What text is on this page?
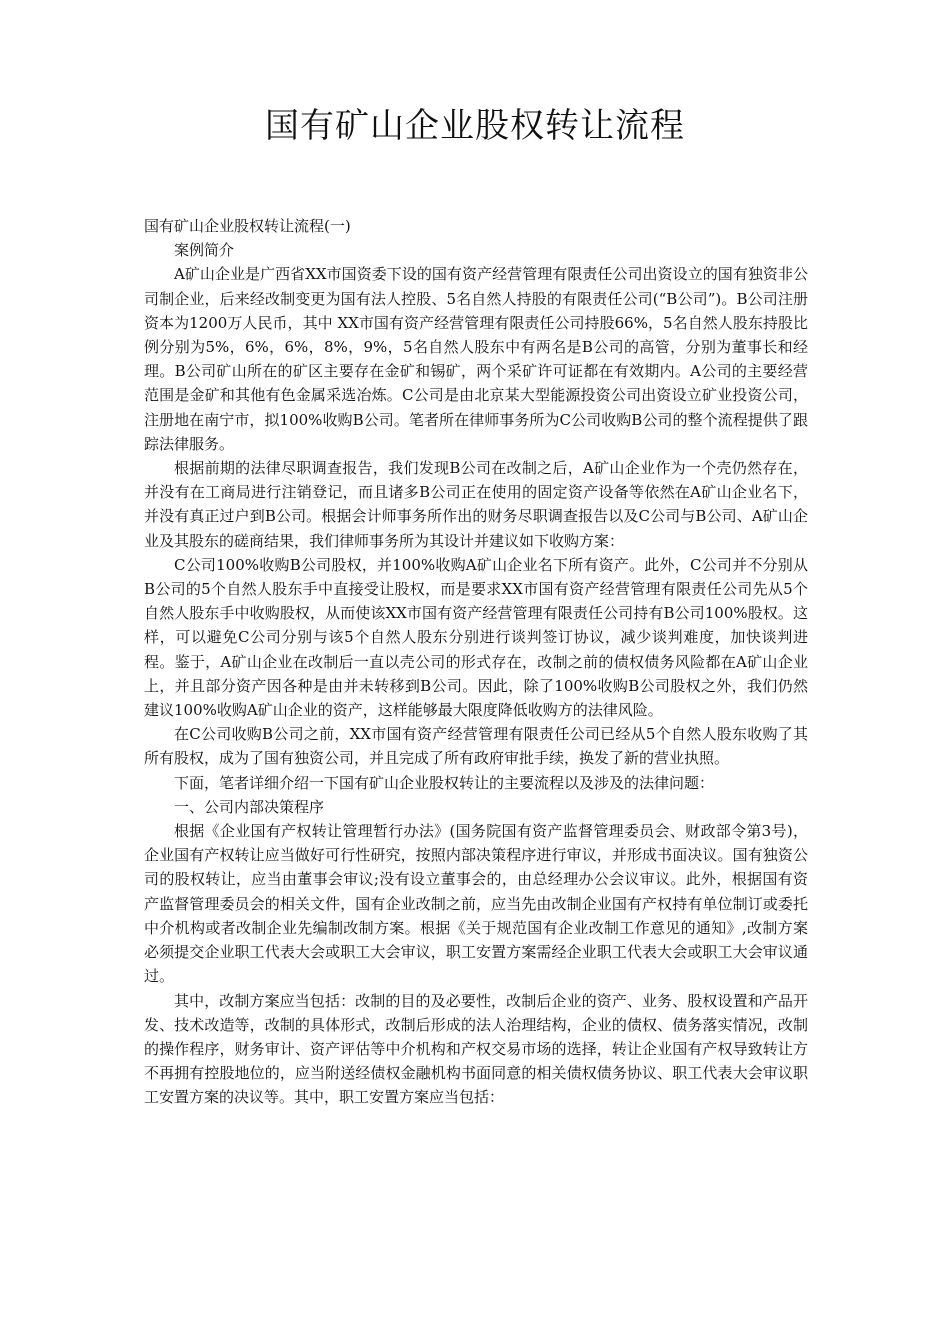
国有矿山企业股权转让流程

国有矿山企业股权转让流程(一)

案例简介

A矿山企业是广西省XX市国资委下设的国有资产经营管理有限责任公司出资设立的国有独资非公司制企业，后来经改制变更为国有法人控股、5名自然人持股的有限责任公司(“B公司”)。B公司注册资本为1200万人民币，其中 XX市国有资产经营管理有限责任公司持股66%，5名自然人股东持股比例分别为5%，6%，6%，8%，9%，5名自然人股东中有两名是B公司的高管，分别为董事长和经理。B公司矿山所在的矿区主要存在金矿和锡矿，两个采矿许可证都在有效期内。A公司的主要经营范围是金矿和其他有色金属采选冶炼。C公司是由北京某大型能源投资公司出资设立矿业投资公司，注册地在南宁市，拟100%收购B公司。笔者所在律师事务所为C公司收购B公司的整个流程提供了跟踪法律服务。

根据前期的法律尽职调查报告，我们发现B公司在改制之后，A矿山企业作为一个壳仍然存在，并没有在工商局进行注销登记，而且诸多B公司正在使用的固定资产设备等依然在A矿山企业名下，并没有真正过户到B公司。根据会计师事务所作出的财务尽职调查报告以及C公司与B公司、A矿山企业及其股东的磋商结果，我们律师事务所为其设计并建议如下收购方案：

C公司100%收购B公司股权，并100%收购A矿山企业名下所有资产。此外，C公司并不分别从B公司的5个自然人股东手中直接受让股权，而是要求XX市国有资产经营管理有限责任公司先从5个自然人股东手中收购股权，从而使该XX市国有资产经营管理有限责任公司持有B公司100%股权。这样，可以避免C公司分别与该5个自然人股东分别进行谈判签订协议，减少谈判难度，加快谈判进程。鉴于，A矿山企业在改制后一直以壳公司的形式存在，改制之前的债权债务风险都在A矿山企业上，并且部分资产因各种是由并未转移到B公司。因此，除了100%收购B公司股权之外，我们仍然建议100%收购A矿山企业的资产，这样能够最大限度降低收购方的法律风险。

在C公司收购B公司之前，XX市国有资产经营管理有限责任公司已经从5个自然人股东收购了其所有股权，成为了国有独资公司，并且完成了所有政府审批手续，换发了新的营业执照。

下面，笔者详细介绍一下国有矿山企业股权转让的主要流程以及涉及的法律问题：

一、公司内部决策程序

根据《企业国有产权转让管理暂行办法》(国务院国有资产监督管理委员会、财政部令第3号)，企业国有产权转让应当做好可行性研究，按照内部决策程序进行审议，并形成书面决议。国有独资公司的股权转让，应当由董事会审议;没有设立董事会的，由总经理办公会议审议。此外，根据国有资产监督管理委员会的相关文件，国有企业改制之前，应当先由改制企业国有产权持有单位制订或委托中介机构或者改制企业先编制改制方案。根据《关于规范国有企业改制工作意见的通知》,改制方案必须提交企业职工代表大会或职工大会审议，职工安置方案需经企业职工代表大会或职工大会审议通过。

其中，改制方案应当包括：改制的目的及必要性，改制后企业的资产、业务、股权设置和产品开发、技术改造等，改制的具体形式，改制后形成的法人治理结构，企业的债权、债务落实情况，改制的操作程序，财务审计、资产评估等中介机构和产权交易市场的选择，转让企业国有产权导致转让方不再拥有控股地位的，应当附送经债权金融机构书面同意的相关债权债务协议、职工代表大会审议职工安置方案的决议等。其中，职工安置方案应当包括：
